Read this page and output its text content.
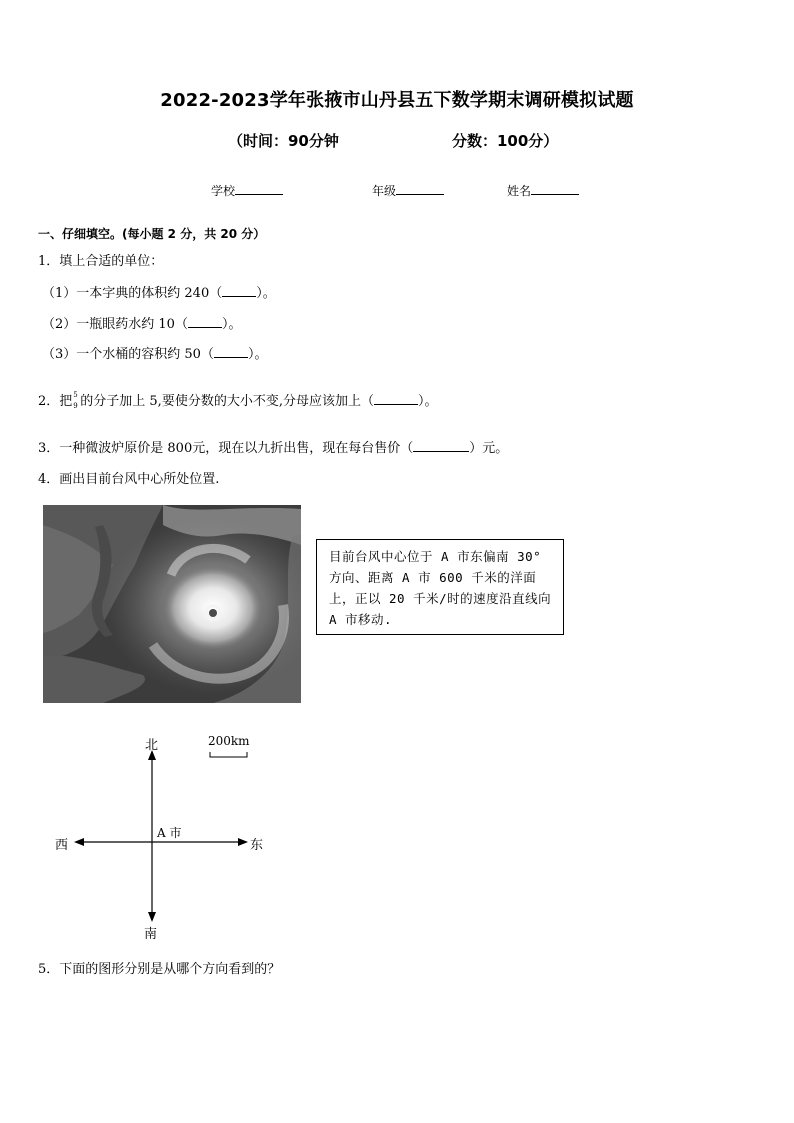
2022-2023学年张掖市山丹县五下数学期末调研模拟试题
（时间：90分钟	分数：100分）
学校	年级	姓名
一、仔细填空。(每小题 2 分，共 20 分）
1．填上合适的单位：
（1）一本字典的体积约 240（	）。
（2）一瓶眼药水约 10（	）。
（3）一个水桶的容积约 50（	）。
2．把 5
9 的分子加上 5,要使分数的大小不变,分母应该加上（	）。
3．一种微波炉原价是 800元，现在以九折出售，现在每台售价（	）元。
4．画出目前台风中心所处位置.
目前台风中心位于 A 市东偏南 30°方向、距离 A 市 600 千米的洋面上，正以 20 千米/时的速度沿直线向 A 市移动.
北
南
西	东
A 市
200km
5．下面的图形分别是从哪个方向看到的？
